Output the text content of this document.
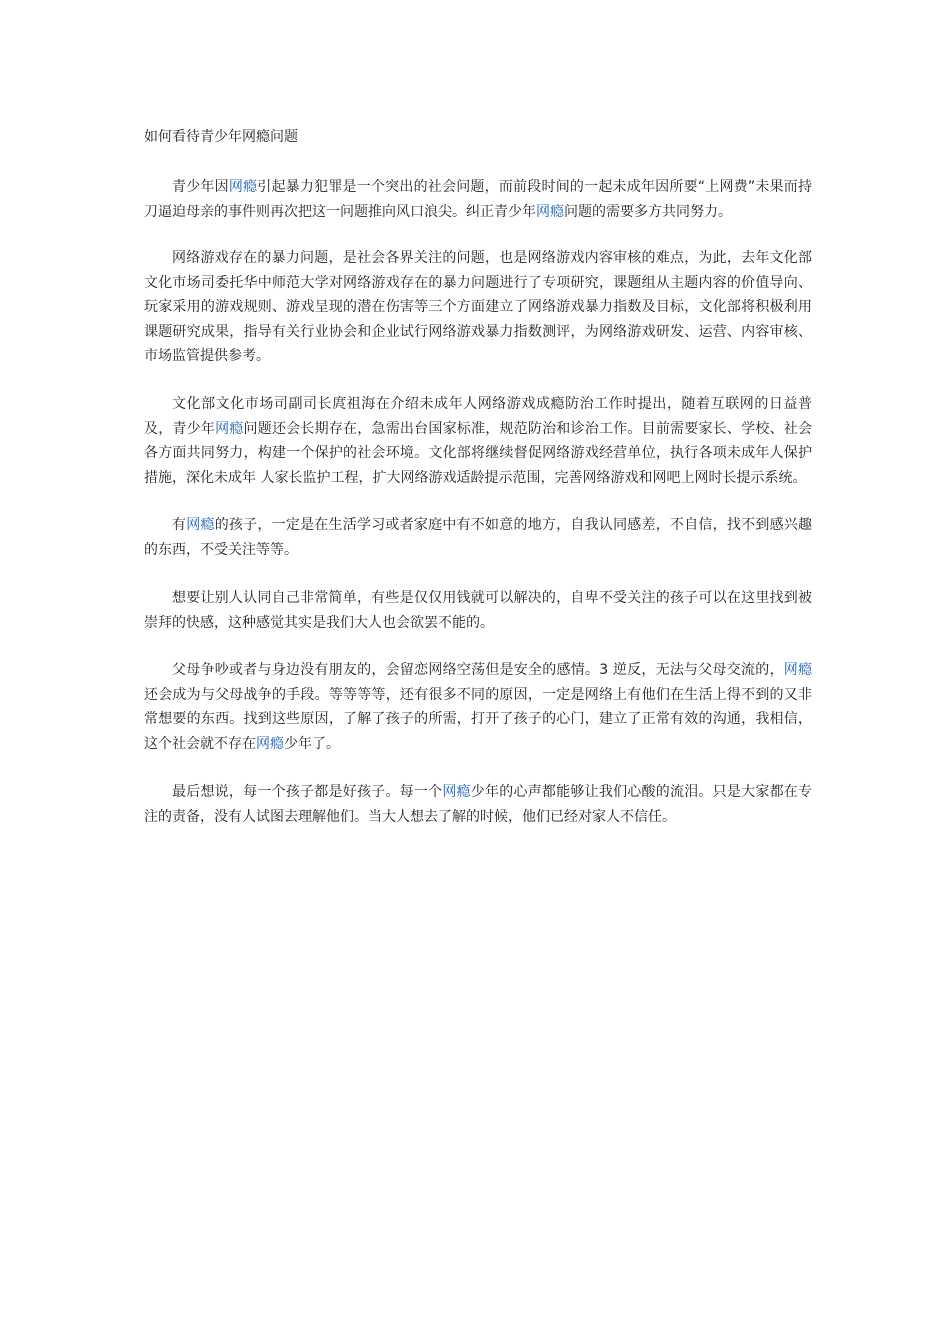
如何看待青少年网瘾问题

青少年因网瘾引起暴力犯罪是一个突出的社会问题，而前段时间的一起未成年因所要“上网费”未果而持刀逼迫母亲的事件则再次把这一问题推向风口浪尖。纠正青少年网瘾问题的需要多方共同努力。

网络游戏存在的暴力问题，是社会各界关注的问题，也是网络游戏内容审核的难点，为此，去年文化部文化市场司委托华中师范大学对网络游戏存在的暴力问题进行了专项研究，课题组从主题内容的价值导向、玩家采用的游戏规则、游戏呈现的潜在伤害等三个方面建立了网络游戏暴力指数及目标，文化部将积极利用课题研究成果，指导有关行业协会和企业试行网络游戏暴力指数测评，为网络游戏研发、运营、内容审核、市场监管提供参考。

文化部文化市场司副司长庹祖海在介绍未成年人网络游戏成瘾防治工作时提出，随着互联网的日益普及，青少年网瘾问题还会长期存在，急需出台国家标准，规范防治和诊治工作。目前需要家长、学校、社会各方面共同努力，构建一个保护的社会环境。文化部将继续督促网络游戏经营单位，执行各项未成年人保护措施，深化未成年 人家长监护工程，扩大网络游戏适龄提示范围，完善网络游戏和网吧上网时长提示系统。

有网瘾的孩子，一定是在生活学习或者家庭中有不如意的地方，自我认同感差，不自信，找不到感兴趣的东西，不受关注等等。

想要让别人认同自己非常简单，有些是仅仅用钱就可以解决的，自卑不受关注的孩子可以在这里找到被崇拜的快感，这种感觉其实是我们大人也会欲罢不能的。

父母争吵或者与身边没有朋友的，会留恋网络空荡但是安全的感情。3 逆反，无法与父母交流的，网瘾还会成为与父母战争的手段。等等等等，还有很多不同的原因，一定是网络上有他们在生活上得不到的又非常想要的东西。找到这些原因，了解了孩子的所需，打开了孩子的心门，建立了正常有效的沟通，我相信，这个社会就不存在网瘾少年了。

最后想说，每一个孩子都是好孩子。每一个网瘾少年的心声都能够让我们心酸的流泪。只是大家都在专注的责备，没有人试图去理解他们。当大人想去了解的时候，他们已经对家人不信任。
